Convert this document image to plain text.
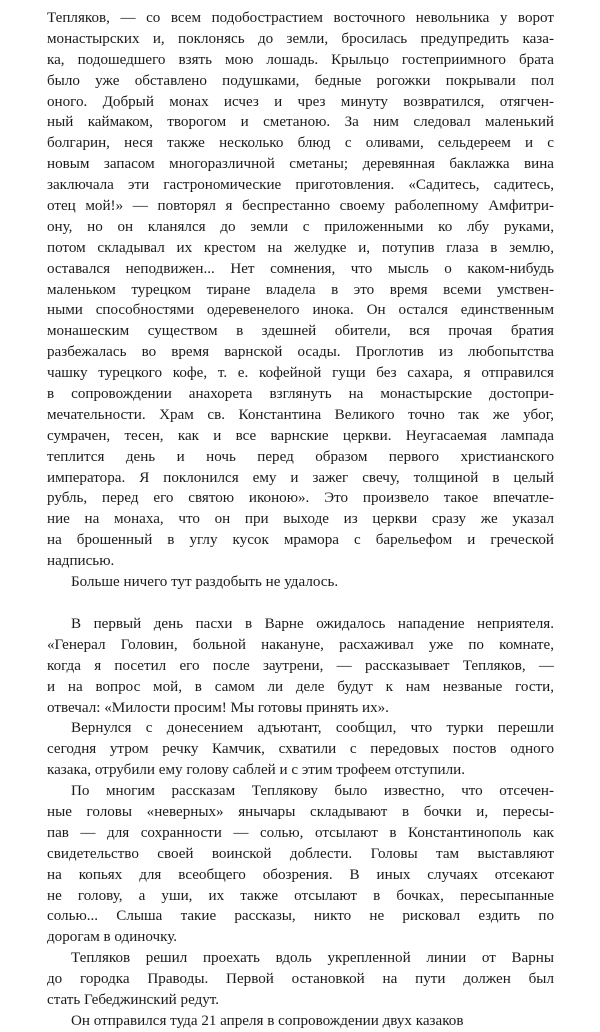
Тепляков, — со всем подобострастием восточного невольника у ворот
монастырских и, поклонясь до земли, бросилась предупредить каза-
ка, подошедшего взять мою лошадь. Крыльцо гостеприимного брата
было уже обставлено подушками, бедные рогожки покрывали пол
оного. Добрый монах исчез и чрез минуту возвратился, отягчен-
ный каймаком, творогом и сметаною. За ним следовал маленький
болгарин, неся также несколько блюд с оливами, сельдереем и с
новым запасом многоразличной сметаны; деревянная баклажка вина
заключала эти гастрономические приготовления. «Садитесь, садитесь,
отец мой!» — повторял я беспрестанно своему раболепному Амфитри-
ону, но он кланялся до земли с приложенными ко лбу руками,
потом складывал их крестом на желудке и, потупив глаза в землю,
оставался неподвижен... Нет сомнения, что мысль о каком-нибудь
маленьком турецком тиране владела в это время всеми умствен-
ными способностями одеревенелого инока. Он остался единственным
монашеским существом в здешней обители, вся прочая братия
разбежалась во время варнской осады. Проглотив из любопытства
чашку турецкого кофе, т. е. кофейной гущи без сахара, я отправился
в сопровождении анахорета взглянуть на монастырские достопри-
мечательности. Храм св. Константина Великого точно так же убог,
сумрачен, тесен, как и все варнские церкви. Неугасаемая лампада
теплится день и ночь перед образом первого христианского
императора. Я поклонился ему и зажег свечу, толщиной в целый
рубль, перед его святою иконою». Это произвело такое впечатле-
ние на монаха, что он при выходе из церкви сразу же указал
на брошенный в углу кусок мрамора с барельефом и греческой
надписью.
Больше ничего тут раздобыть не удалось.
В первый день пасхи в Варне ожидалось нападение неприятеля.
«Генерал Головин, больной накануне, расхаживал уже по комнате,
когда я посетил его после заутрени, — рассказывает Тепляков, —
и на вопрос мой, в самом ли деле будут к нам незваные гости,
отвечал: «Милости просим! Мы готовы принять их».
Вернулся с донесением адъютант, сообщил, что турки перешли
сегодня утром речку Камчик, схватили с передовых постов одного
казака, отрубили ему голову саблей и с этим трофеем отступили.
По многим рассказам Теплякову было известно, что отсечен-
ные головы «неверных» янычары складывают в бочки и, пересы-
пав — для сохранности — солью, отсылают в Константинополь как
свидетельство своей воинской доблести. Головы там выставляют
на копьях для всеобщего обозрения. В иных случаях отсекают
не голову, а уши, их также отсылают в бочках, пересыпанные
солью... Слыша такие рассказы, никто не рисковал ездить по
дорогам в одиночку.
Тепляков решил проехать вдоль укрепленной линии от Варны
до городка Праводы. Первой остановкой на пути должен был
стать Гебеджинский редут.
Он отправился туда 21 апреля в сопровождении двух казаков
